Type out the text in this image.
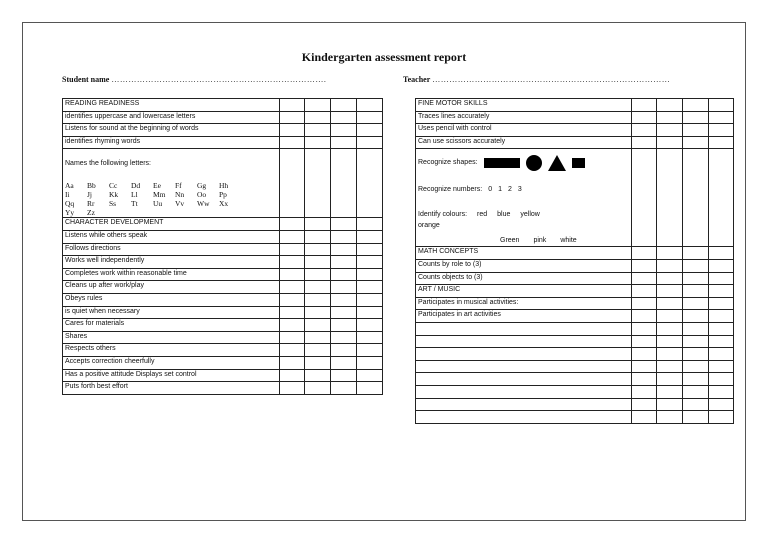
Kindergarten assessment report
Student name ………………………………………………………………….	Teacher …………………………………………………………………………
READING READINESS				
identifies uppercase and lowercase letters				
Listens for sound at the beginning of words				
identifies rhyming words				

Names the following letters:
Aa Bb Cc Dd Ee Ff Gg Hh
Ii Jj Kk Ll Mm Nn Oo Pp
Qq Rr Ss Tt Uu Vv Ww Xx
Yy Zz				

CHARACTER DEVELOPMENT				
Listens while others speak				
Follows directions				
Works well independently				
Completes work within reasonable time				
Cleans up after work/play				
Obeys rules				
is quiet when necessary				
Cares for materials				
Shares				
Respects others				
Accepts correction cheerfully				
Has a positive attitude Displays set control				
Puts forth best effort				
FINE MOTOR SKILLS				
Traces lines accurately				
Uses pencil with control				
Can use scissors accurately				

Recognize shapes:
Recognize numbers: 0 1 2 3
Identify colours: red blue yellow
orange
Green pink white				

MATH CONCEPTS				
Counts by role to (3)				
Counts objects to (3)				
ART / MUSIC				
Participates in musical activities:				
Participates in art activities				
